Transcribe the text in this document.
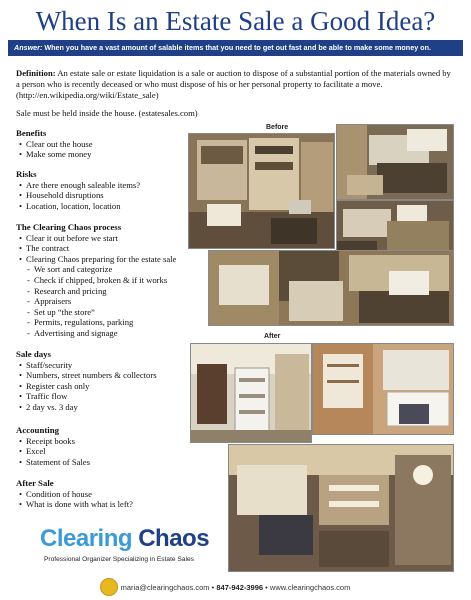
When Is an Estate Sale a Good Idea?
Answer: When you have a vast amount of salable items that you need to get out fast and be able to make some money on.

Definition: An estate sale or estate liquidation is a sale or auction to dispose of a substantial portion of the materials owned by a person who is recently deceased or who must dispose of his or her personal property to facilitate a move. (http://en.wikipedia.org/wiki/Estate_sale)

Sale must be held inside the house. (estatesales.com)

Benefits
• Clear out the house
• Make some money
Risks
• Are there enough saleable items?
• Household disruptions
• Location, location, location
The Clearing Chaos process
• Clear it out before we start
• The contract
• Clearing Chaos preparing for the estate sale
- We sort and categorize
- Check if chipped, broken & if it works
- Research and pricing
- Appraisers
- Set up “the store”
- Permits, regulations, parking
- Advertising and signage
Sale days
• Staff/security
• Numbers, street numbers & collectors
• Register cash only
• Traffic flow
• 2 day vs. 3 day
Accounting
• Receipt books
• Excel
• Statement of Sales
After Sale
• Condition of house
• What is done with what is left?
Before
After
Clearing Chaos
Professional Organizer Specializing in Estate Sales
maria@clearingchaos.com • 847-942-3996 • www.clearingchaos.com
